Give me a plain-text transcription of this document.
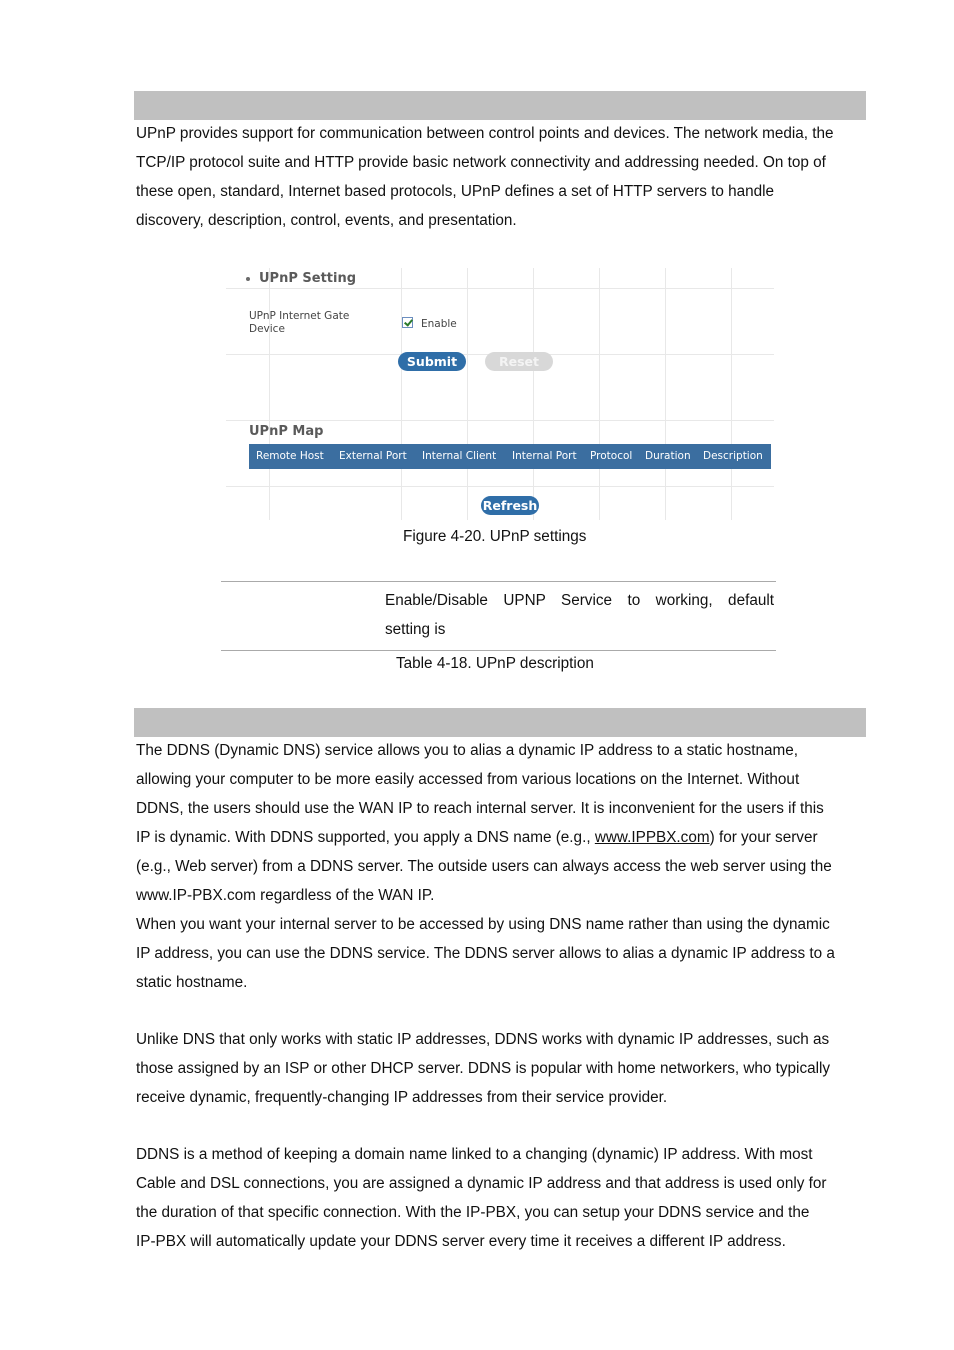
UPnP provides support for communication between control points and devices. The network media, the
TCP/IP protocol suite and HTTP provide basic network connectivity and addressing needed. On top of
these open, standard, Internet based protocols, UPnP defines a set of HTTP servers to handle
discovery, description, control, events, and presentation.
UPnP Setting
UPnP Internet Gate Device	Enable
Submit	Reset
UPnP Map
Remote Host External Port Internal Client Internal Port Protocol Duration Description
Refresh
Figure 4-20. UPnP settings
Enable/Disable UPNP Service to working, default
setting is
Table 4-18. UPnP description
The DDNS (Dynamic DNS) service allows you to alias a dynamic IP address to a static hostname,
allowing your computer to be more easily accessed from various locations on the Internet. Without
DDNS, the users should use the WAN IP to reach internal server. It is inconvenient for the users if this
IP is dynamic. With DDNS supported, you apply a DNS name (e.g., www.IPPBX.com) for your server
(e.g., Web server) from a DDNS server. The outside users can always access the web server using the
www.IP-PBX.com regardless of the WAN IP.
When you want your internal server to be accessed by using DNS name rather than using the dynamic
IP address, you can use the DDNS service. The DDNS server allows to alias a dynamic IP address to a
static hostname.
Unlike DNS that only works with static IP addresses, DDNS works with dynamic IP addresses, such as
those assigned by an ISP or other DHCP server. DDNS is popular with home networkers, who typically
receive dynamic, frequently-changing IP addresses from their service provider.
DDNS is a method of keeping a domain name linked to a changing (dynamic) IP address. With most
Cable and DSL connections, you are assigned a dynamic IP address and that address is used only for
the duration of that specific connection. With the IP-PBX, you can setup your DDNS service and the
IP-PBX will automatically update your DDNS server every time it receives a different IP address.
